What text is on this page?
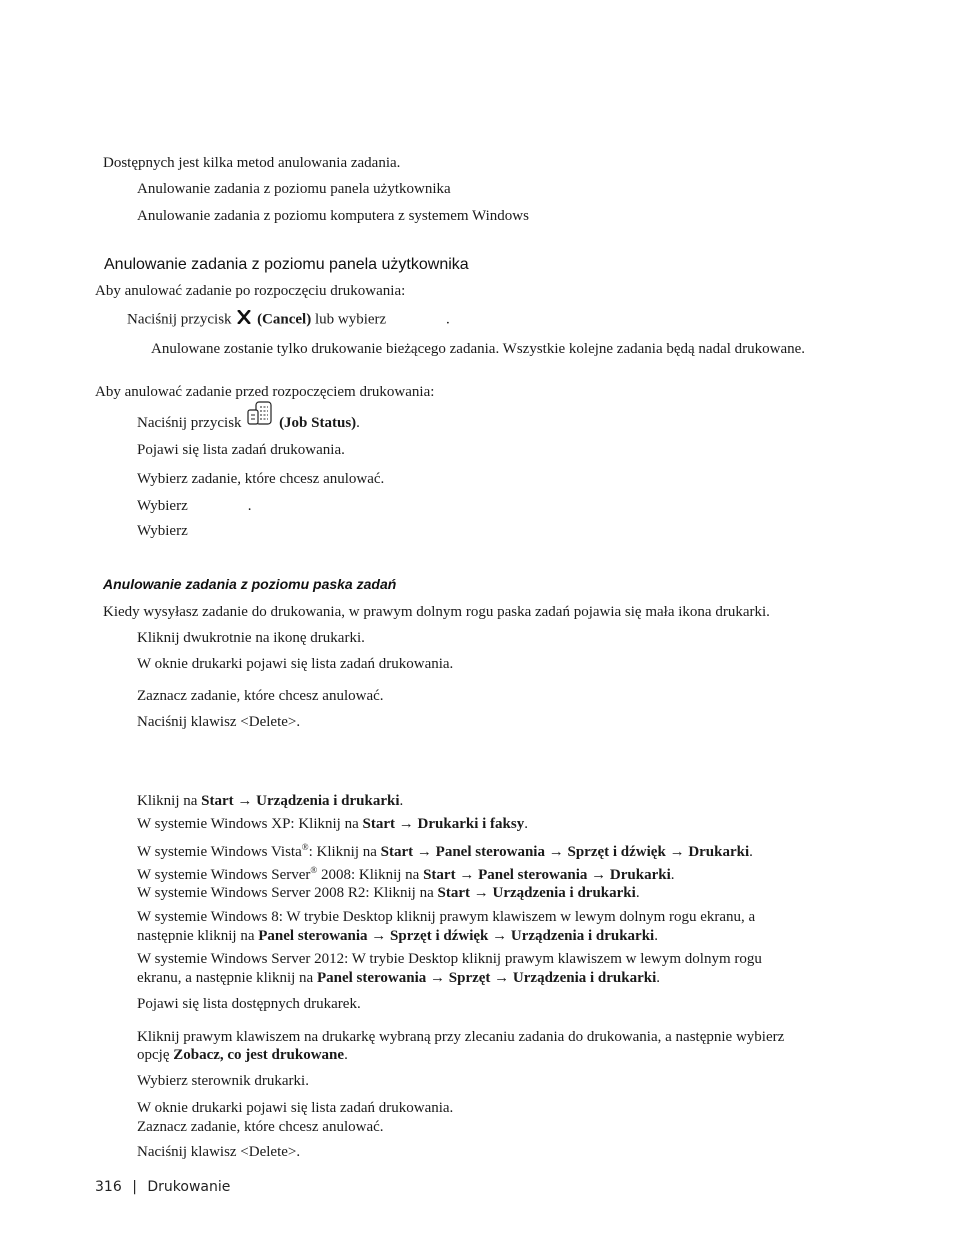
Dostępnych jest kilka metod anulowania zadania.
Anulowanie zadania z poziomu panela użytkownika
Anulowanie zadania z poziomu komputera z systemem Windows
Anulowanie zadania z poziomu panela użytkownika
Aby anulować zadanie po rozpoczęciu drukowania:
Naciśnij przycisk (Cancel) lub wybierz	.
Anulowane zostanie tylko drukowanie bieżącego zadania. Wszystkie kolejne zadania będą nadal drukowane.
Aby anulować zadanie przed rozpoczęciem drukowania:
Naciśnij przycisk	(Job Status).
Pojawi się lista zadań drukowania.
Wybierz zadanie, które chcesz anulować.
Wybierz	.
Wybierz
Anulowanie zadania z poziomu paska zadań
Kiedy wysyłasz zadanie do drukowania, w prawym dolnym rogu paska zadań pojawia się mała ikona drukarki.
Kliknij dwukrotnie na ikonę drukarki.
W oknie drukarki pojawi się lista zadań drukowania.
Zaznacz zadanie, które chcesz anulować.
Naciśnij klawisz <Delete>.
Kliknij na Start → Urządzenia i drukarki.
W systemie Windows XP: Kliknij na Start → Drukarki i faksy.
W systemie Windows Vista®: Kliknij na Start → Panel sterowania → Sprzęt i dźwięk → Drukarki.
W systemie Windows Server® 2008: Kliknij na Start → Panel sterowania → Drukarki.
W systemie Windows Server 2008 R2: Kliknij na Start → Urządzenia i drukarki.
W systemie Windows 8: W trybie Desktop kliknij prawym klawiszem w lewym dolnym rogu ekranu, a
następnie kliknij na Panel sterowania → Sprzęt i dźwięk → Urządzenia i drukarki.
W systemie Windows Server 2012: W trybie Desktop kliknij prawym klawiszem w lewym dolnym rogu
ekranu, a następnie kliknij na Panel sterowania → Sprzęt → Urządzenia i drukarki.
Pojawi się lista dostępnych drukarek.
Kliknij prawym klawiszem na drukarkę wybraną przy zlecaniu zadania do drukowania, a następnie wybierz
opcję Zobacz, co jest drukowane.
Wybierz sterownik drukarki.
W oknie drukarki pojawi się lista zadań drukowania.
Zaznacz zadanie, które chcesz anulować.
Naciśnij klawisz <Delete>.
316 | Drukowanie
